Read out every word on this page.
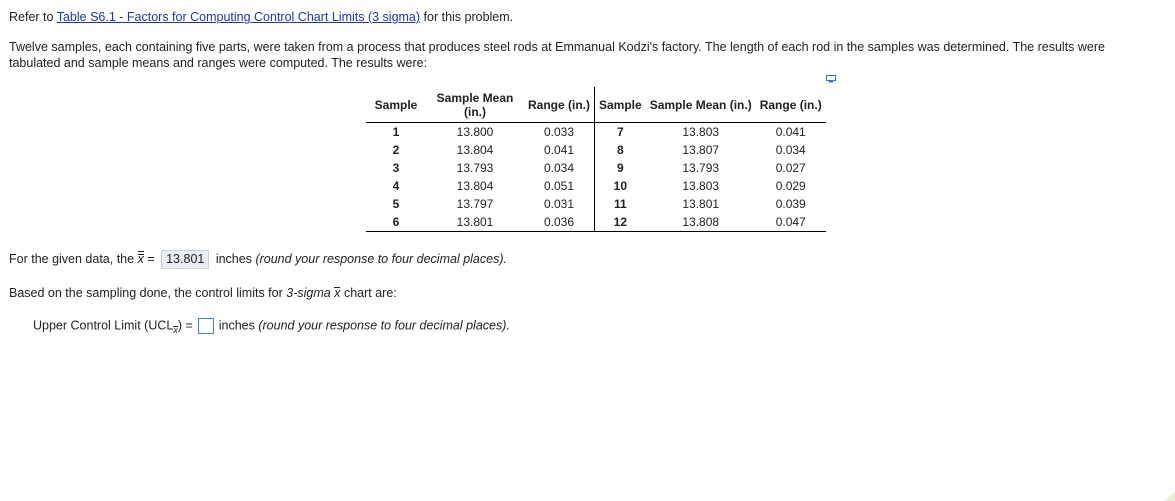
Refer to Table S6.1 - Factors for Computing Control Chart Limits (3 sigma) for this problem.
Twelve samples, each containing five parts, were taken from a process that produces steel rods at Emmanual Kodzi's factory. The length of each rod in the samples was determined. The results were tabulated and sample means and ranges were computed. The results were:
Sample	Sample Mean (in.)	Range (in.)	Sample	Sample Mean (in.)	Range (in.)
1	13.800	0.033	7	13.803	0.041
2	13.804	0.041	8	13.807	0.034
3	13.793	0.034	9	13.793	0.027
4	13.804	0.051	10	13.803	0.029
5	13.797	0.031	11	13.801	0.039
6	13.801	0.036	12	13.808	0.047
For the given data, the x = 13.801 inches (round your response to four decimal places).
Based on the sampling done, the control limits for 3-sigma x chart are:
Upper Control Limit $(UCL_x)$ = inches (round your response to four decimal places).
